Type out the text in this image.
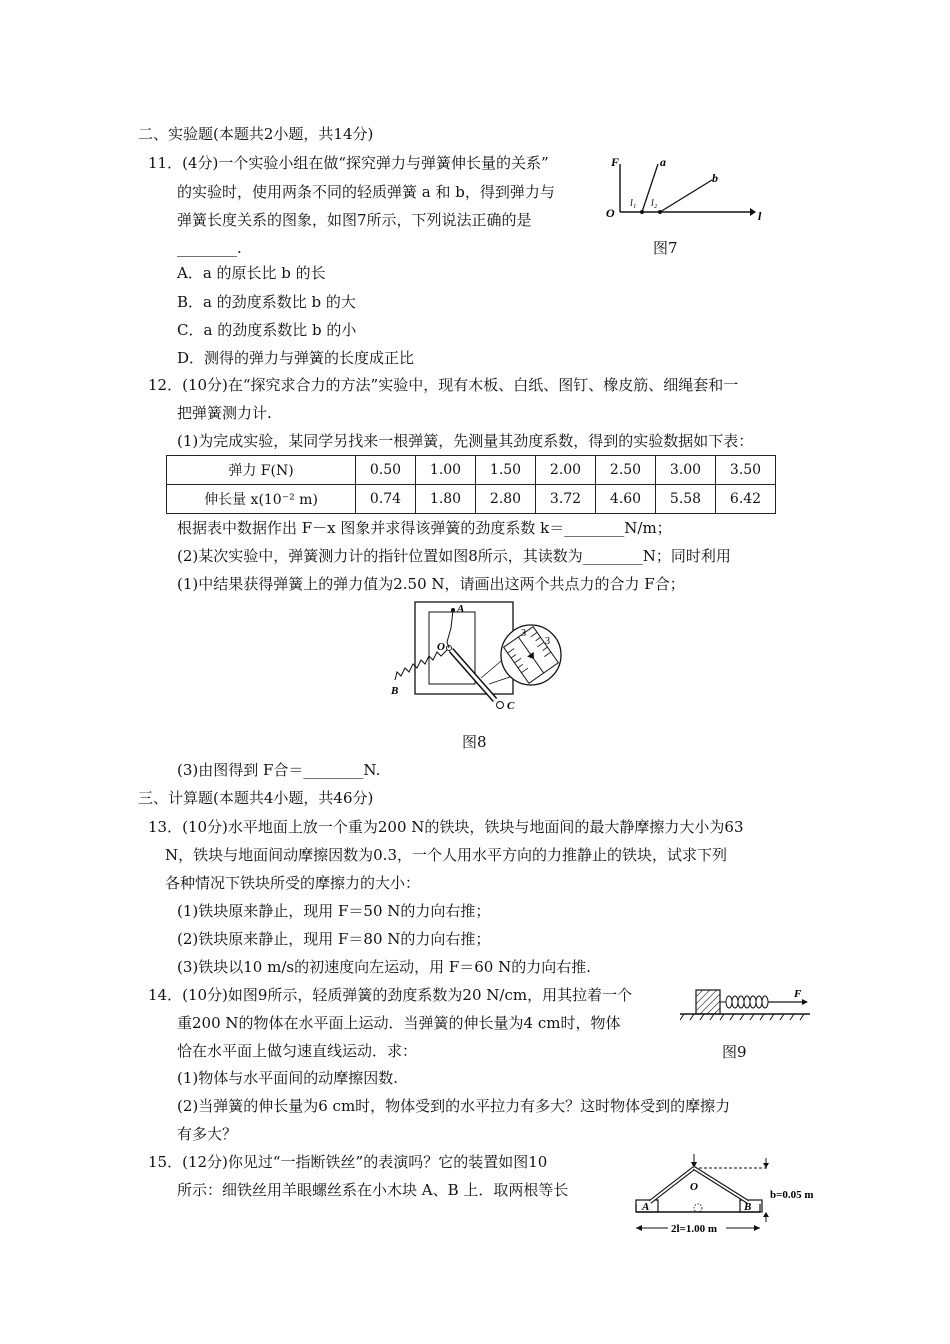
二、实验题(本题共2小题，共14分)
11．(4分)一个实验小组在做“探究弹力与弹簧伸长量的关系”
的实验时，使用两条不同的轻质弹簧 a 和 b，得到弹力与
弹簧长度关系的图象，如图7所示，下列说法正确的是
________.
A．a 的原长比 b 的长
B．a 的劲度系数比 b 的大
C．a 的劲度系数比 b 的小
D．测得的弹力与弹簧的长度成正比
F
O	l
a
b
l₁ l₂
图7
12．(10分)在“探究求合力的方法”实验中，现有木板、白纸、图钉、橡皮筋、细绳套和一
把弹簧测力计.
(1)为完成实验，某同学另找来一根弹簧，先测量其劲度系数，得到的实验数据如下表：
弹力 F(N)	0.50	1.00	1.50	2.00	2.50	3.00	3.50
伸长量 x(10⁻² m)	0.74	1.80	2.80	3.72	4.60	5.58	6.42
根据表中数据作出 F－x 图象并求得该弹簧的劲度系数 k＝________N/m；
(2)某次实验中，弹簧测力计的指针位置如图8所示，其读数为________N；同时利用
(1)中结果获得弹簧上的弹力值为2.50 N，请画出这两个共点力的合力 F合；
A
O
B
C
3
3
图8
(3)由图得到 F合＝________N.
三、计算题(本题共4小题，共46分)
13．(10分)水平地面上放一个重为200 N的铁块，铁块与地面间的最大静摩擦力大小为63
N，铁块与地面间动摩擦因数为0.3，一个人用水平方向的力推静止的铁块，试求下列
各种情况下铁块所受的摩擦力的大小：
(1)铁块原来静止，现用 F＝50 N的力向右推；
(2)铁块原来静止，现用 F＝80 N的力向右推；
(3)铁块以10 m/s的初速度向左运动，用 F＝60 N的力向右推.
14．(10分)如图9所示，轻质弹簧的劲度系数为20 N/cm，用其拉着一个
重200 N的物体在水平面上运动．当弹簧的伸长量为4 cm时，物体
恰在水平面上做匀速直线运动．求：
F
图9
(1)物体与水平面间的动摩擦因数.
(2)当弹簧的伸长量为6 cm时，物体受到的水平拉力有多大？这时物体受到的摩擦力
有多大？
15．(12分)你见过“一指断铁丝”的表演吗？它的装置如图10
所示：细铁丝用羊眼螺丝系在小木块 A、B 上．取两根等长	O
A	B
b=0.05 m
2l=1.00 m
